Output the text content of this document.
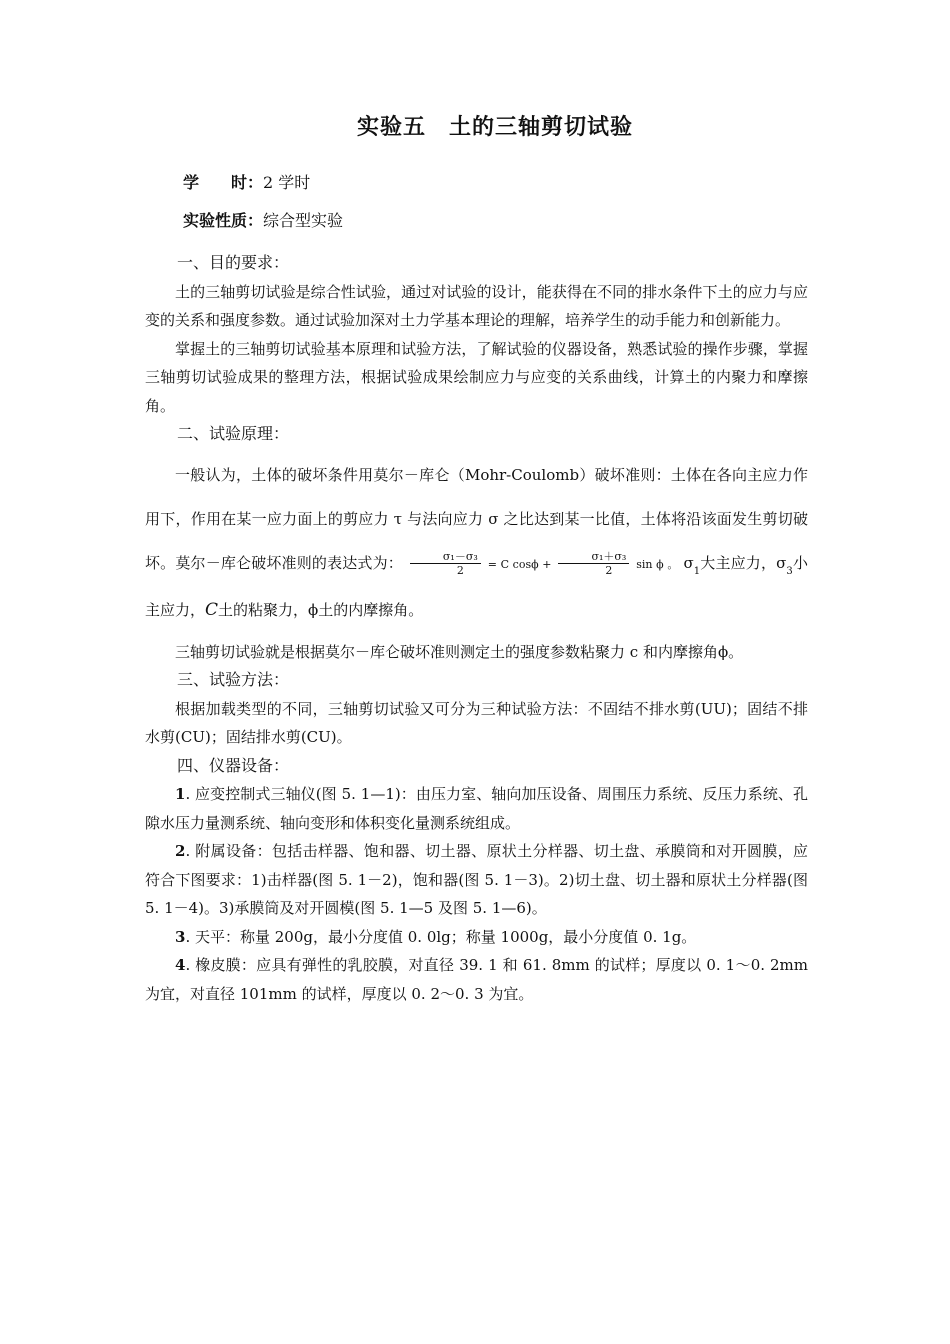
实验五　土的三轴剪切试验
学　　时：2 学时
实验性质：综合型实验
一、目的要求：

土的三轴剪切试验是综合性试验，通过对试验的设计，能获得在不同的排水条件下土的应力与应变的关系和强度参数。通过试验加深对土力学基本理论的理解，培养学生的动手能力和创新能力。

掌握土的三轴剪切试验基本原理和试验方法，了解试验的仪器设备，熟悉试验的操作步骤，掌握三轴剪切试验成果的整理方法，根据试验成果绘制应力与应变的关系曲线，计算土的内聚力和摩擦角。

二、试验原理：

一般认为，土体的破坏条件用莫尔－库仑（Mohr-Coulomb）破坏准则：土体在各向主应力作用下，作用在某一应力面上的剪应力 τ 与法向应力 σ 之比达到某一比值，土体将沿该面发生剪切破坏。莫尔－库仑破坏准则的表达式为： $\frac{\text{σ₁－σ₃}}{2} = C$ $\cos\phi + \frac{\text{σ₁＋σ₃}}{2}$ sin ϕ 。 $\sigma_1$大主应力，$\sigma_3$小主应力，C土的粘聚力，ϕ土的内摩擦角。

三轴剪切试验就是根据莫尔－库仑破坏准则测定土的强度参数粘聚力 c 和内摩擦角ϕ。

三、试验方法：

根据加载类型的不同，三轴剪切试验又可分为三种试验方法：不固结不排水剪(UU)；固结不排水剪(CU)；固结排水剪(CU)。

四、仪器设备：

1. 应变控制式三轴仪(图 5. 1—1)：由压力室、轴向加压设备、周围压力系统、反压力系统、孔隙水压力量测系统、轴向变形和体积变化量测系统组成。

2. 附属设备：包括击样器、饱和器、切土器、原状土分样器、切土盘、承膜筒和对开圆膜，应符合下图要求：1)击样器(图 5. 1－2)，饱和器(图 5. 1－3)。2)切土盘、切土器和原状土分样器(图 5. 1－4)。3)承膜筒及对开圆模(图 5. 1—5 及图 5. 1—6)。

3. 天平：称量 200g，最小分度值 0. 0lg；称量 1000g，最小分度值 0. 1g。

4. 橡皮膜：应具有弹性的乳胶膜，对直径 39. 1 和 61. 8mm 的试样；厚度以 0. 1～0. 2mm 为宜，对直径 101mm 的试样，厚度以 0. 2～0. 3 为宜。
